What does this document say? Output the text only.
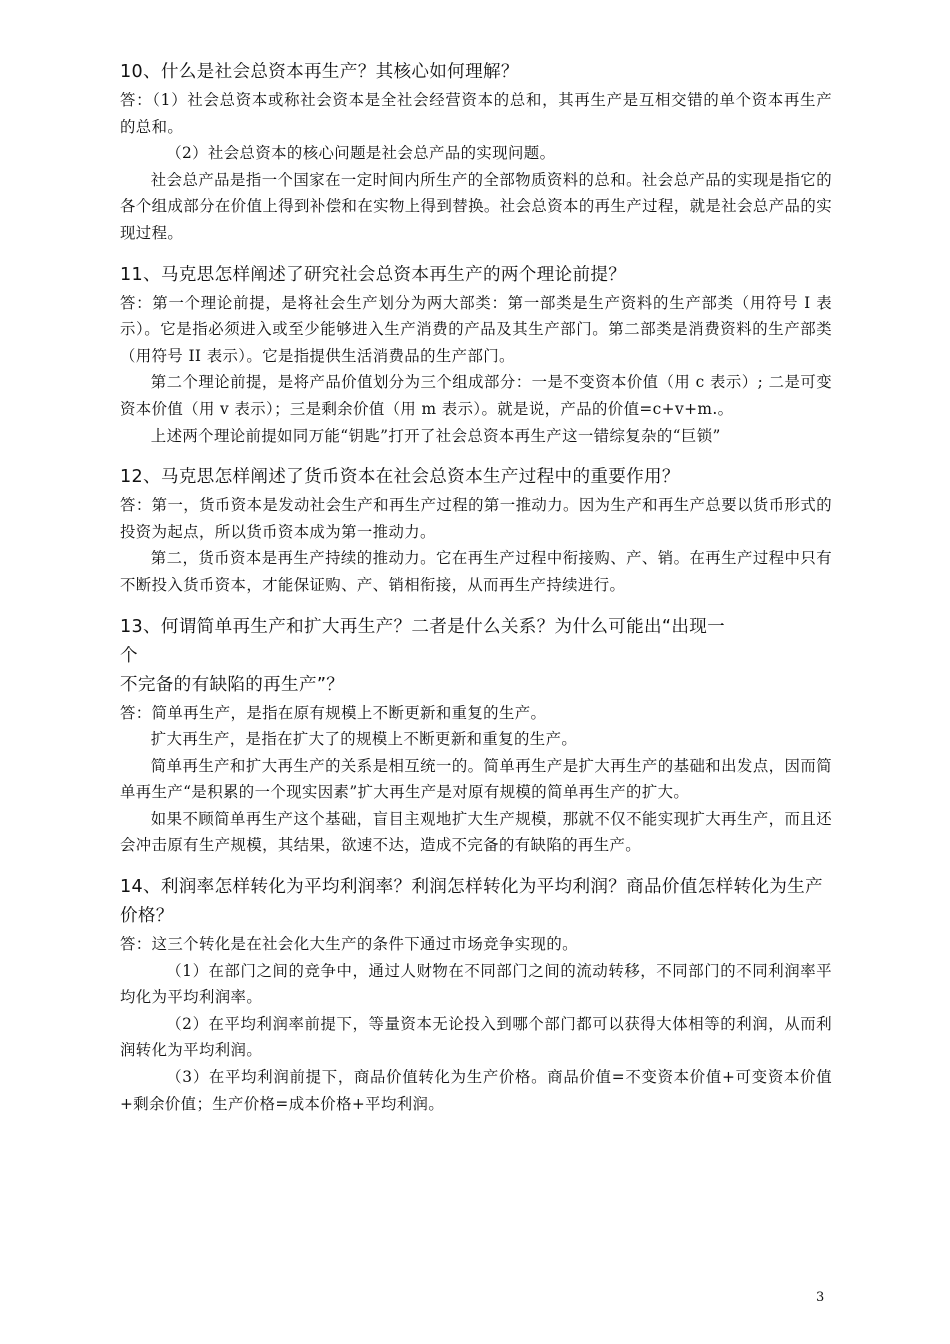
10、什么是社会总资本再生产？其核心如何理解？

答：（1）社会总资本或称社会资本是全社会经营资本的总和，其再生产是互相交错的单个资本再生产的总和。

（2）社会总资本的核心问题是社会总产品的实现问题。

社会总产品是指一个国家在一定时间内所生产的全部物质资料的总和。社会总产品的实现是指它的各个组成部分在价值上得到补偿和在实物上得到替换。社会总资本的再生产过程，就是社会总产品的实现过程。

11、马克思怎样阐述了研究社会总资本再生产的两个理论前提？

答：第一个理论前提，是将社会生产划分为两大部类：第一部类是生产资料的生产部类（用符号 I 表示）。它是指必须进入或至少能够进入生产消费的产品及其生产部门。第二部类是消费资料的生产部类（用符号 II 表示）。它是指提供生活消费品的生产部门。

第二个理论前提，是将产品价值划分为三个组成部分：一是不变资本价值（用 c 表示）; 二是可变资本价值（用 v 表示）；三是剩余价值（用 m 表示）。就是说，产品的价值=c+v+m.。

上述两个理论前提如同万能“钥匙”打开了社会总资本再生产这一错综复杂的“巨锁”

12、马克思怎样阐述了货币资本在社会总资本生产过程中的重要作用？

答：第一，货币资本是发动社会生产和再生产过程的第一推动力。因为生产和再生产总要以货币形式的投资为起点，所以货币资本成为第一推动力。

第二，货币资本是再生产持续的推动力。它在再生产过程中衔接购、产、销。在再生产过程中只有不断投入货币资本，才能保证购、产、销相衔接，从而再生产持续进行。

13、何谓简单再生产和扩大再生产？二者是什么关系？为什么可能出“出现一

个

不完备的有缺陷的再生产”？

答：简单再生产，是指在原有规模上不断更新和重复的生产。

扩大再生产，是指在扩大了的规模上不断更新和重复的生产。

简单再生产和扩大再生产的关系是相互统一的。简单再生产是扩大再生产的基础和出发点，因而简单再生产“是积累的一个现实因素”扩大再生产是对原有规模的简单再生产的扩大。

如果不顾简单再生产这个基础，盲目主观地扩大生产规模，那就不仅不能实现扩大再生产，而且还会冲击原有生产规模，其结果，欲速不达，造成不完备的有缺陷的再生产。

14、利润率怎样转化为平均利润率？利润怎样转化为平均利润？商品价值怎样转化为生产价格？

答：这三个转化是在社会化大生产的条件下通过市场竞争实现的。

（1）在部门之间的竞争中，通过人财物在不同部门之间的流动转移，不同部门的不同利润率平均化为平均利润率。

（2）在平均利润率前提下，等量资本无论投入到哪个部门都可以获得大体相等的利润，从而利润转化为平均利润。

（3）在平均利润前提下，商品价值转化为生产价格。商品价值=不变资本价值+可变资本价值+剩余价值；生产价格=成本价格+平均利润。

3
